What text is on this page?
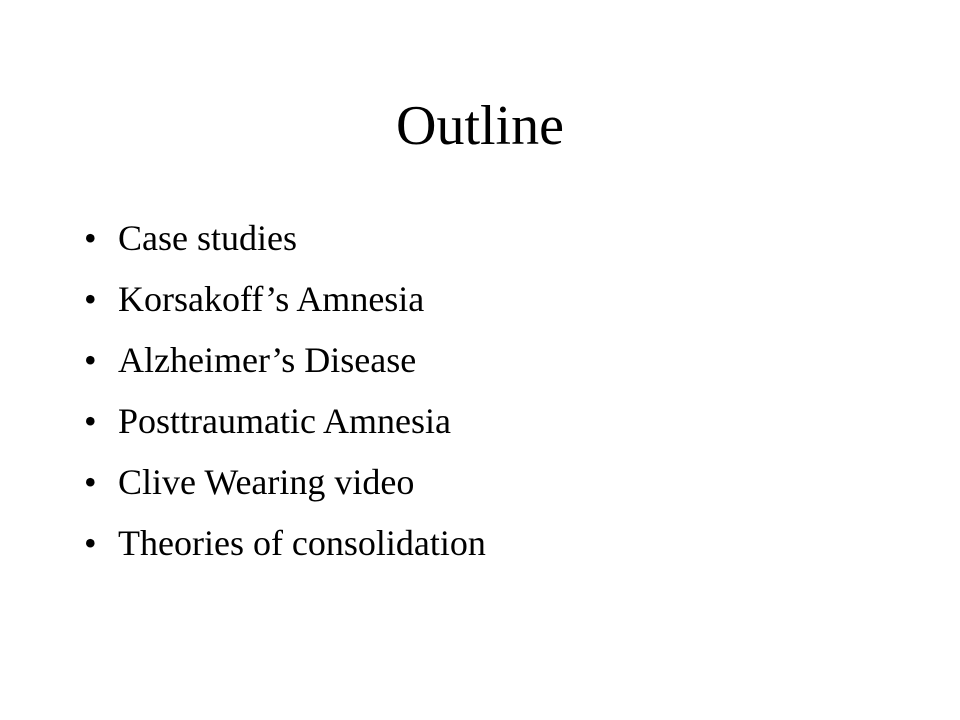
Outline
• Case studies
• Korsakoff’s Amnesia
• Alzheimer’s Disease
• Posttraumatic Amnesia
• Clive Wearing video
• Theories of consolidation
